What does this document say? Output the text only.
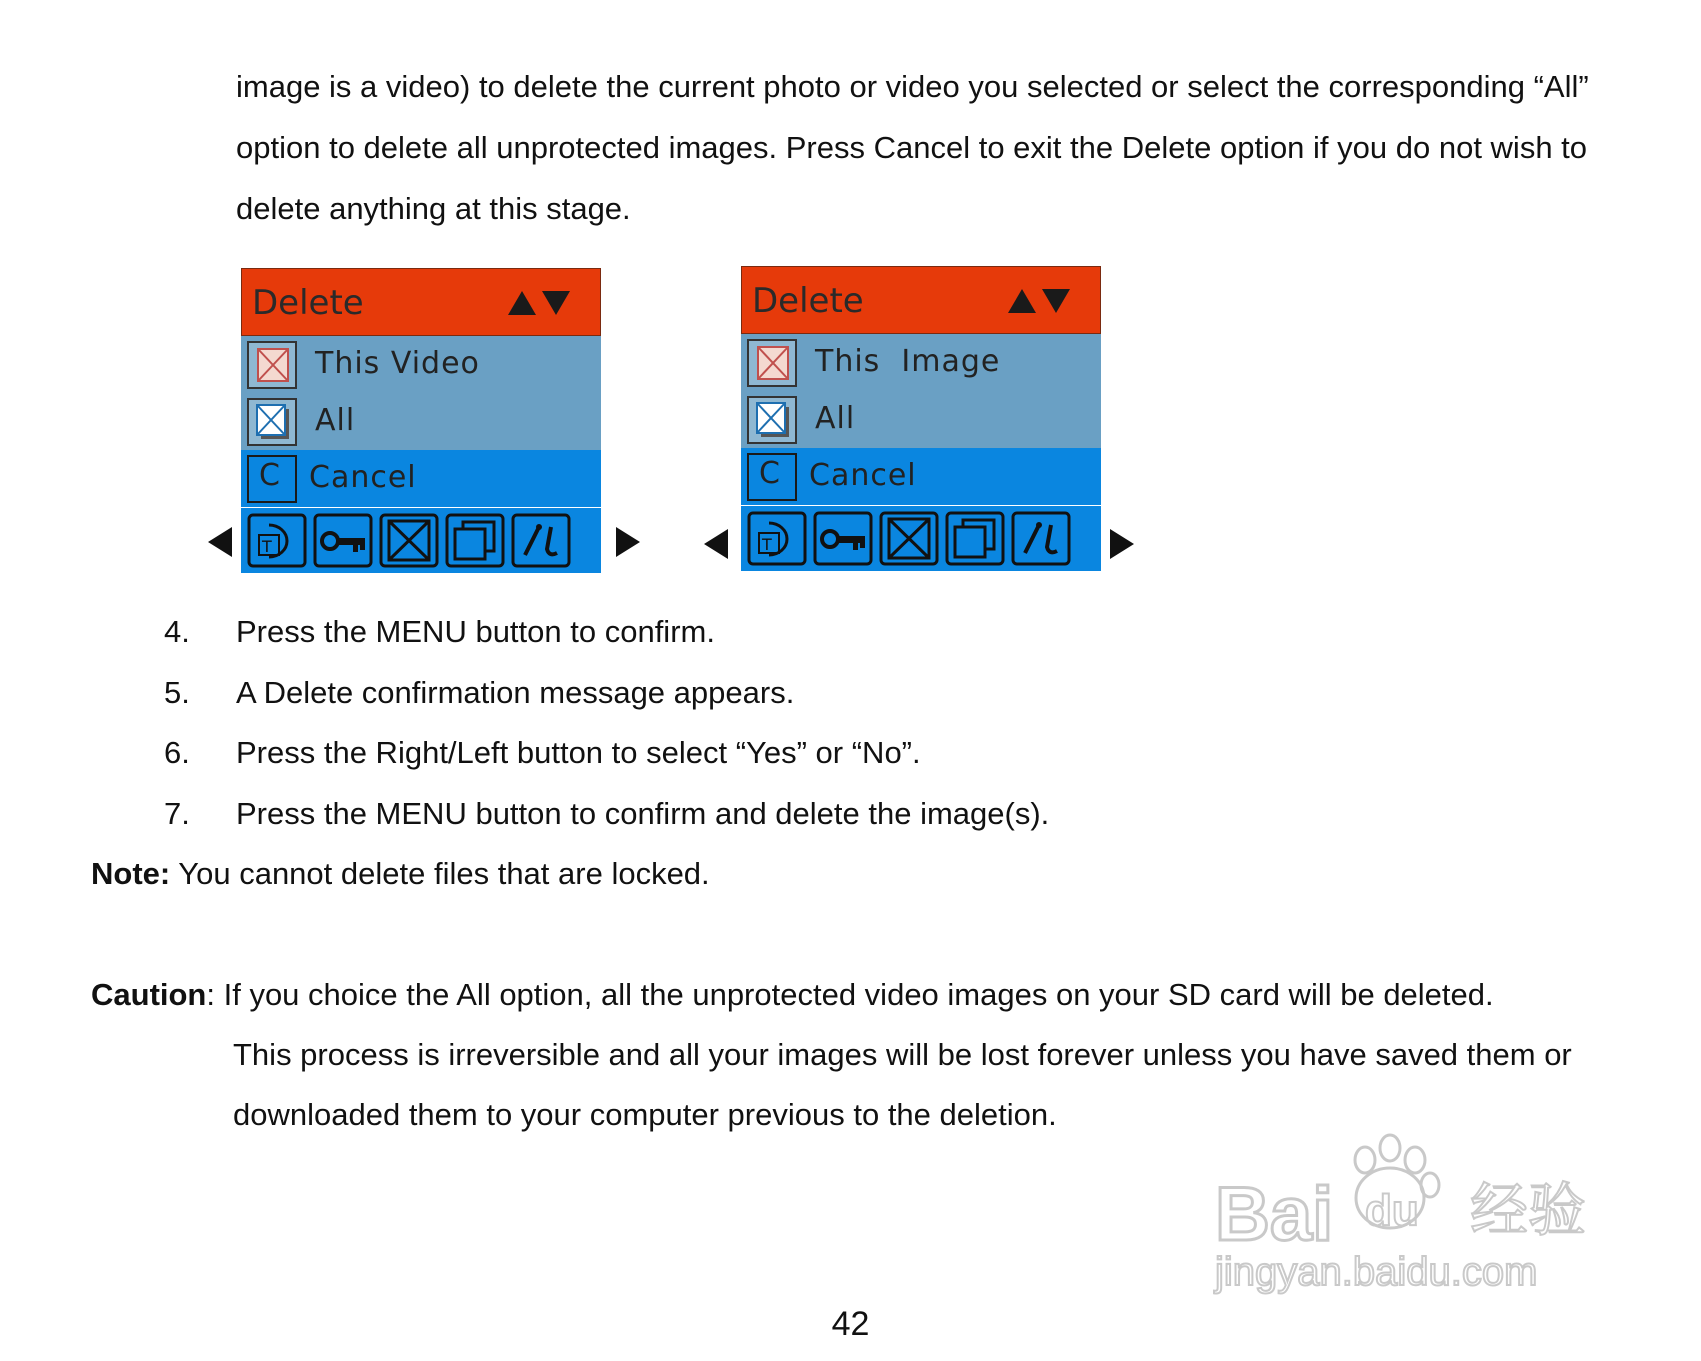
image is a video) to delete the current photo or video you selected or select the corresponding “All”
option to delete all unprotected images. Press Cancel to exit the Delete option if you do not wish to
delete anything at this stage.
Delete
This Video
All
C Cancel
T
Delete
This  Image
All
C Cancel
T
4. Press the MENU button to confirm.
5. A Delete confirmation message appears.
6. Press the Right/Left button to select “Yes” or “No”.
7. Press the MENU button to confirm and delete the image(s).
Note: You cannot delete files that are locked.
Caution: If you choice the All option, all the unprotected video images on your SD card will be deleted.
This process is irreversible and all your images will be lost forever unless you have saved them or
downloaded them to your computer previous to the deletion.
Bai du 经验
jingyan.baidu.com
42
